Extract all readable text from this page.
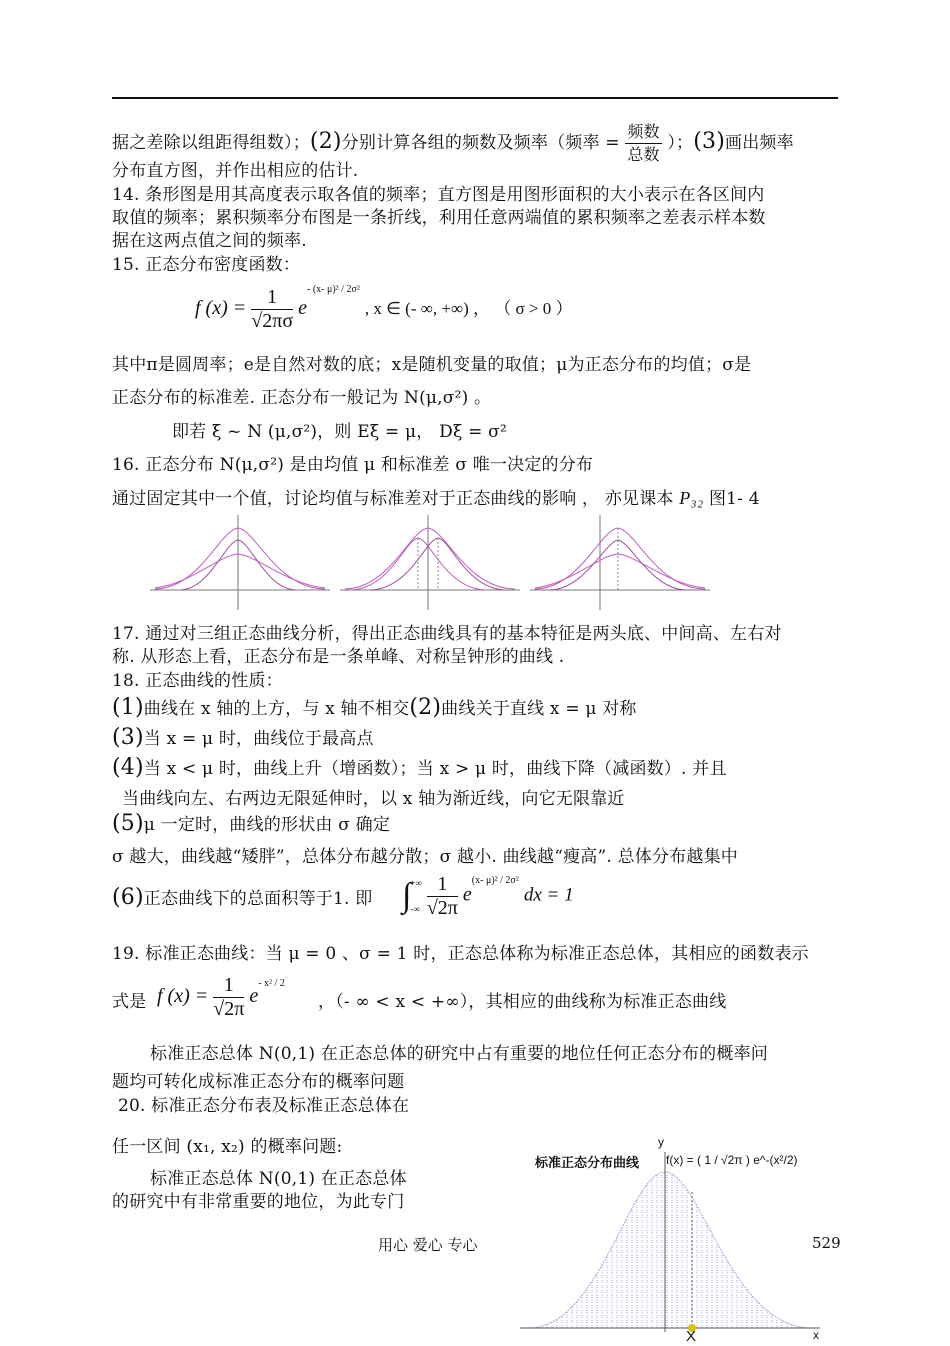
据之差除以组距得组数）；(2)分别计算各组的频数及频率（频率 = $\frac{\text{频数}}{\text{总数}}$ ）；(3)画出频率
分布直方图，并作出相应的估计.
14. 条形图是用其高度表示取各值的频率；直方图是用图形面积的大小表示在各区间内
取值的频率；累积频率分布图是一条折线，利用任意两端值的累积频率之差表示样本数
据在这两点值之间的频率.
15. 正态分布密度函数：
f $(x) = \frac{1}{√2\pi\sigma} e^{- (x- \mu)^2 / 2\sigma^2}$ , x ∈ (- ∞, +∞) ， （ σ > 0 ）
其中π是圆周率；e是自然对数的底；x是随机变量的取值；μ为正态分布的均值；σ是
正态分布的标准差. 正态分布一般记为 N(μ,σ²) 。
即若 ξ ~ N (μ,σ²)，则 Eξ = μ， Dξ = σ²
16. 正态分布 N(μ,σ²) 是由均值 μ 和标准差 σ 唯一决定的分布
通过固定其中一个值，讨论均值与标准差对于正态曲线的影响 ， 亦见课本 P₃₂ 图1- 4
17. 通过对三组正态曲线分析，得出正态曲线具有的基本特征是两头底、中间高、左右对
称. 从形态上看，正态分布是一条单峰、对称呈钟形的曲线 .
18. 正态曲线的性质：
(1)曲线在 x 轴的上方，与 x 轴不相交(2)曲线关于直线 x = μ 对称
(3)当 x = μ 时，曲线位于最高点
(4)当 x < μ 时，曲线上升（增函数）；当 x > μ 时，曲线下降（减函数）. 并且
当曲线向左、右两边无限延伸时，以 x 轴为渐近线，向它无限靠近
(5)μ 一定时，曲线的形状由 σ 确定
σ 越大，曲线越“矮胖”，总体分布越分散；σ 越小. 曲线越“瘦高”. 总体分布越集中
(6)正态曲线下的总面积等于1. 即 ∫ +∞
-∞
$\frac{1}{√2\pi} e^{(x- \mu)^2 / 2\sigma^2}$ dx = 1
19. 标准正态曲线：当 μ = 0 、σ = 1 时，正态总体称为标准正态总体，其相应的函数表示
式是 f $(x) = \frac{1}{√2\pi} e^{- x^2 / 2}$
，（- ∞ < x < +∞），其相应的曲线称为标准正态曲线
标准正态总体 N(0,1) 在正态总体的研究中占有重要的地位任何正态分布的概率问
题均可转化成标准正态分布的概率问题
20. 标准正态分布表及标准正态总体在
任一区间 (x₁, x₂) 的概率问题:
标准正态总体 N(0,1) 在正态总体
的研究中有非常重要的地位，为此专门
标准正态分布曲线 f(x) = ( 1 / √2π ) e^-(x²/2)
y
x
X
用心 爱心 专心	529
